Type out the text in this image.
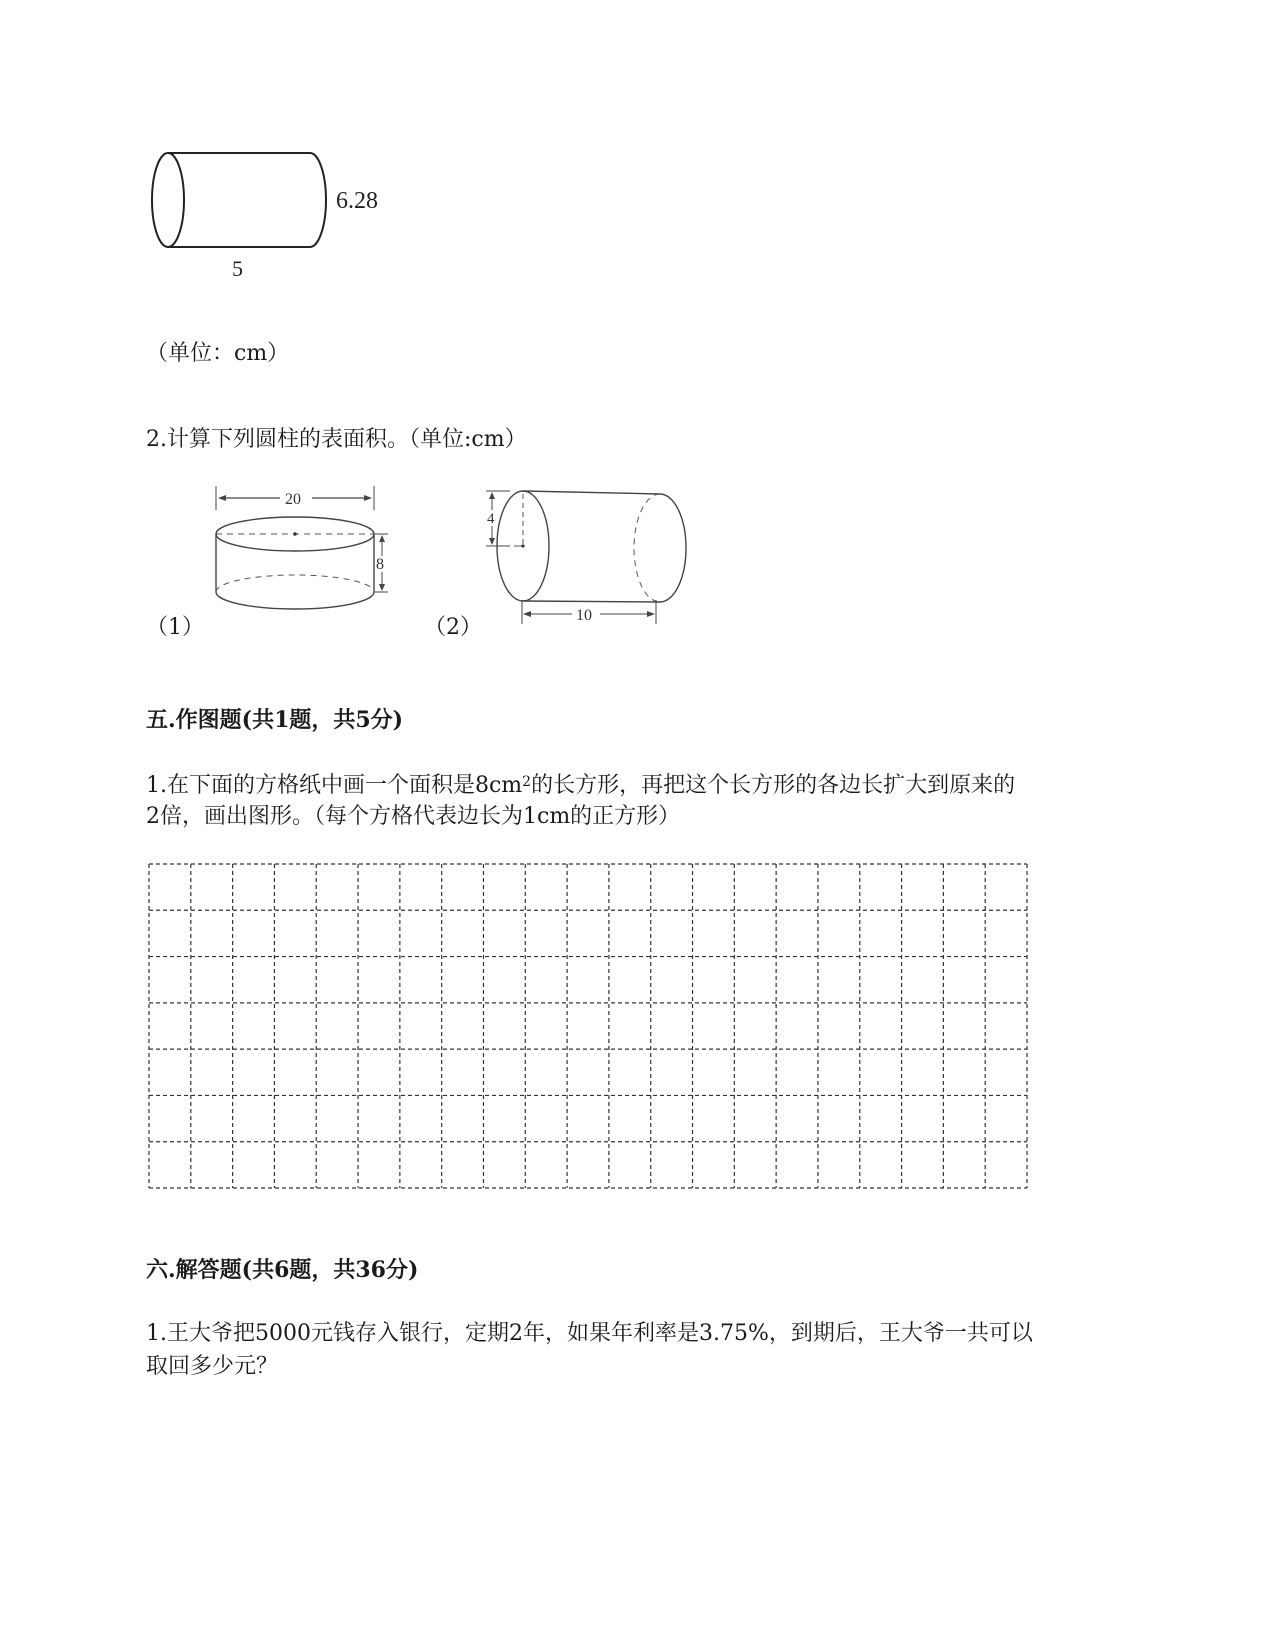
6.28
5
（单位：cm）
2.计算下列圆柱的表面积。（单位:cm）
20
8
（1）
4
10
（2）
五.作图题(共1题，共5分)
1.在下面的方格纸中画一个面积是$8cm^2$的长方形，再把这个长方形的各边长扩大到原来的
2倍，画出图形。（每个方格代表边长为1cm的正方形）
六.解答题(共6题，共36分)
1.王大爷把5000元钱存入银行，定期2年，如果年利率是3.75%，到期后，王大爷一共可以
取回多少元？
